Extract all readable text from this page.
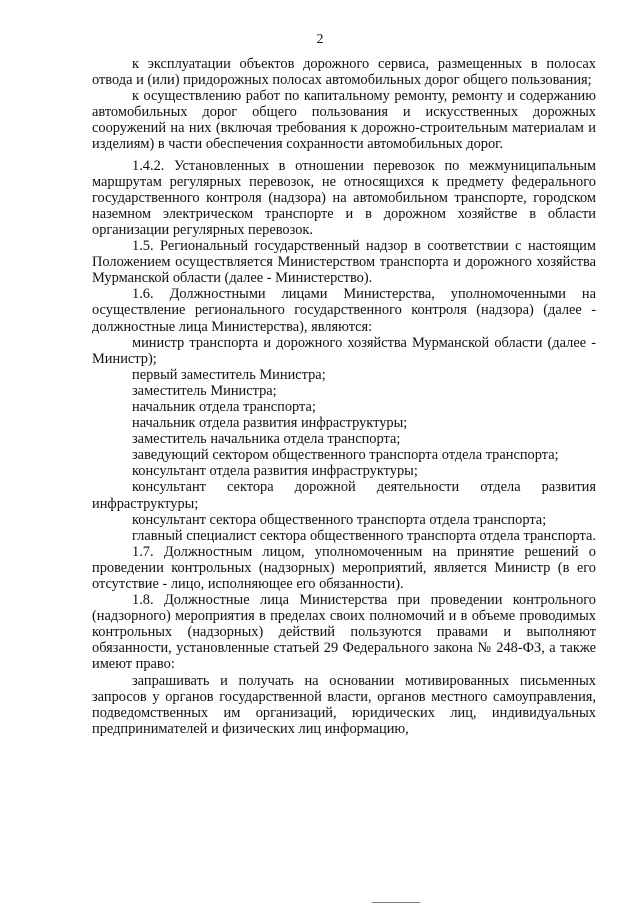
2

к эксплуатации объектов дорожного сервиса, размещенных в полосах отвода и (или) придорожных полосах автомобильных дорог общего пользования;

к осуществлению работ по капитальному ремонту, ремонту и содержанию автомобильных дорог общего пользования и искусственных дорожных сооружений на них (включая требования к дорожно-строительным материалам и изделиям) в части обеспечения сохранности автомобильных дорог.

1.4.2. Установленных в отношении перевозок по межмуниципальным маршрутам регулярных перевозок, не относящихся к предмету федерального государственного контроля (надзора) на автомобильном транспорте, городском наземном электрическом транспорте и в дорожном хозяйстве в области организации регулярных перевозок.

1.5. Региональный государственный надзор в соответствии с настоящим Положением осуществляется Министерством транспорта и дорожного хозяйства Мурманской области (далее - Министерство).

1.6. Должностными лицами Министерства, уполномоченными на осуществление регионального государственного контроля (надзора) (далее - должностные лица Министерства), являются:

министр транспорта и дорожного хозяйства Мурманской области (далее - Министр);

первый заместитель Министра;

заместитель Министра;

начальник отдела транспорта;

начальник отдела развития инфраструктуры;

заместитель начальника отдела транспорта;

заведующий сектором общественного транспорта отдела транспорта;

консультант отдела развития инфраструктуры;

консультант сектора дорожной деятельности отдела развития инфраструктуры;

консультант сектора общественного транспорта отдела транспорта;

главный специалист сектора общественного транспорта отдела транспорта.

1.7. Должностным лицом, уполномоченным на принятие решений о проведении контрольных (надзорных) мероприятий, является Министр (в его отсутствие - лицо, исполняющее его обязанности).

1.8. Должностные лица Министерства при проведении контрольного (надзорного) мероприятия в пределах своих полномочий и в объеме проводимых контрольных (надзорных) действий пользуются правами и выполняют обязанности, установленные статьей 29 Федерального закона № 248-ФЗ, а также имеют право:

запрашивать и получать на основании мотивированных письменных запросов у органов государственной власти, органов местного самоуправления, подведомственных им организаций, юридических лиц, индивидуальных предпринимателей и физических лиц информацию,
